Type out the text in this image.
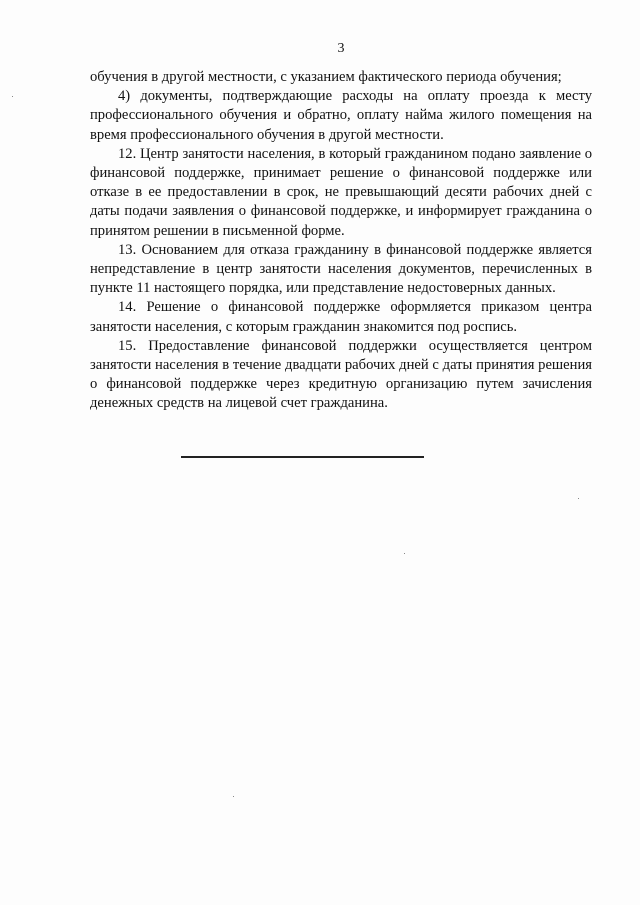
3

обучения в другой местности, с указанием фактического периода обучения;

4) документы, подтверждающие расходы на оплату проезда к месту профессионального обучения и обратно, оплату найма жилого помещения на время профессионального обучения в другой местности.

12. Центр занятости населения, в который гражданином подано заявление о финансовой поддержке, принимает решение о финансовой поддержке или отказе в ее предоставлении в срок, не превышающий десяти рабочих дней с даты подачи заявления о финансовой поддержке, и информирует гражданина о принятом решении в письменной форме.

13. Основанием для отказа гражданину в финансовой поддержке является непредставление в центр занятости населения документов, перечисленных в пункте 11 настоящего порядка, или представление недостоверных данных.

14. Решение о финансовой поддержке оформляется приказом центра занятости населения, с которым гражданин знакомится под роспись.

15. Предоставление финансовой поддержки осуществляется центром занятости населения в течение двадцати рабочих дней с даты принятия решения о финансовой поддержке через кредитную организацию путем зачисления денежных средств на лицевой счет гражданина.
